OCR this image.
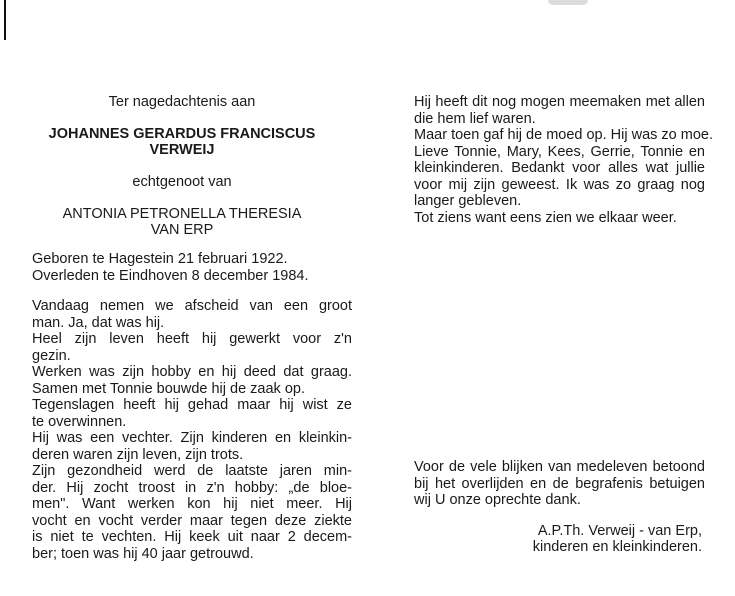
Ter nagedachtenis aan
JOHANNES GERARDUS FRANCISCUS
VERWEIJ
echtgenoot van
ANTONIA PETRONELLA THERESIA
VAN ERP
Geboren te Hagestein 21 februari 1922.
Overleden te Eindhoven 8 december 1984.
Vandaag nemen we afscheid van een groot
man. Ja, dat was hij.
Heel zijn leven heeft hij gewerkt voor z'n
gezin.
Werken was zijn hobby en hij deed dat graag.
Samen met Tonnie bouwde hij de zaak op.
Tegenslagen heeft hij gehad maar hij wist ze
te overwinnen.
Hij was een vechter. Zijn kinderen en kleinkin-
deren waren zijn leven, zijn trots.
Zijn gezondheid werd de laatste jaren min-
der. Hij zocht troost in z'n hobby: „de bloe-
men". Want werken kon hij niet meer. Hij
vocht en vocht verder maar tegen deze ziekte
is niet te vechten. Hij keek uit naar 2 decem-
ber; toen was hij 40 jaar getrouwd.
Hij heeft dit nog mogen meemaken met allen
die hem lief waren.
Maar toen gaf hij de moed op. Hij was zo moe.
Lieve Tonnie, Mary, Kees, Gerrie, Tonnie en
kleinkinderen. Bedankt voor alles wat jullie
voor mij zijn geweest. Ik was zo graag nog
langer gebleven.
Tot ziens want eens zien we elkaar weer.
Voor de vele blijken van medeleven betoond
bij het overlijden en de begrafenis betuigen
wij U onze oprechte dank.
A.P.Th. Verweij - van Erp,
kinderen en kleinkinderen.
